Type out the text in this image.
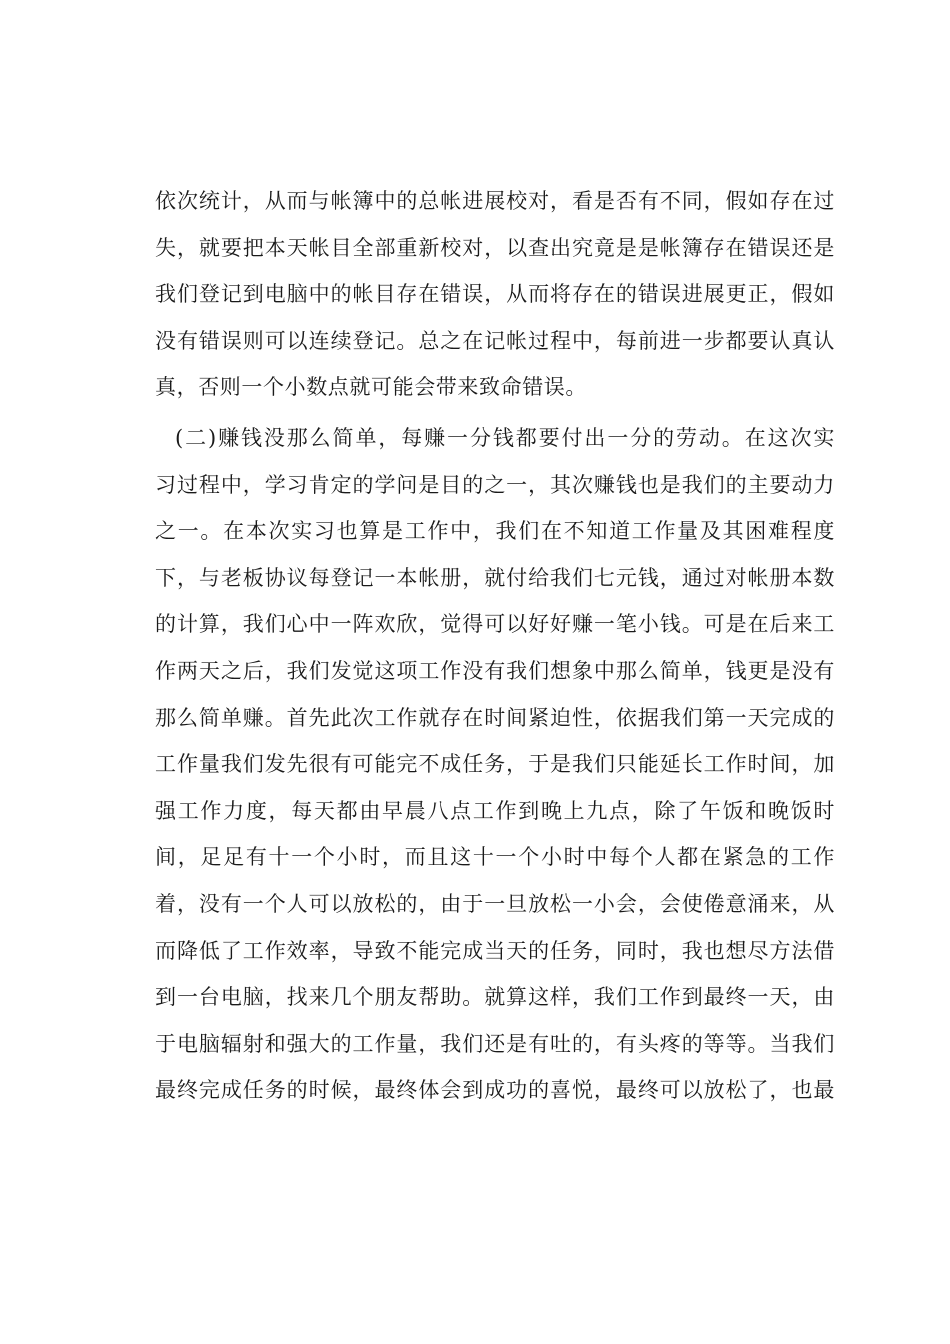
依次统计，从而与帐簿中的总帐进展校对，看是否有不同，假如存在过
失，就要把本天帐目全部重新校对，以查出究竟是是帐簿存在错误还是
我们登记到电脑中的帐目存在错误，从而将存在的错误进展更正，假如
没有错误则可以连续登记。总之在记帐过程中，每前进一步都要认真认
真，否则一个小数点就可能会带来致命错误。
(二)赚钱没那么简单，每赚一分钱都要付出一分的劳动。在这次实
习过程中，学习肯定的学问是目的之一，其次赚钱也是我们的主要动力
之一。在本次实习也算是工作中，我们在不知道工作量及其困难程度
下，与老板协议每登记一本帐册，就付给我们七元钱，通过对帐册本数
的计算，我们心中一阵欢欣，觉得可以好好赚一笔小钱。可是在后来工
作两天之后，我们发觉这项工作没有我们想象中那么简单，钱更是没有
那么简单赚。首先此次工作就存在时间紧迫性，依据我们第一天完成的
工作量我们发先很有可能完不成任务，于是我们只能延长工作时间，加
强工作力度，每天都由早晨八点工作到晚上九点，除了午饭和晚饭时
间，足足有十一个小时，而且这十一个小时中每个人都在紧急的工作
着，没有一个人可以放松的，由于一旦放松一小会，会使倦意涌来，从
而降低了工作效率，导致不能完成当天的任务，同时，我也想尽方法借
到一台电脑，找来几个朋友帮助。就算这样，我们工作到最终一天，由
于电脑辐射和强大的工作量，我们还是有吐的，有头疼的等等。当我们
最终完成任务的时候，最终体会到成功的喜悦，最终可以放松了，也最
